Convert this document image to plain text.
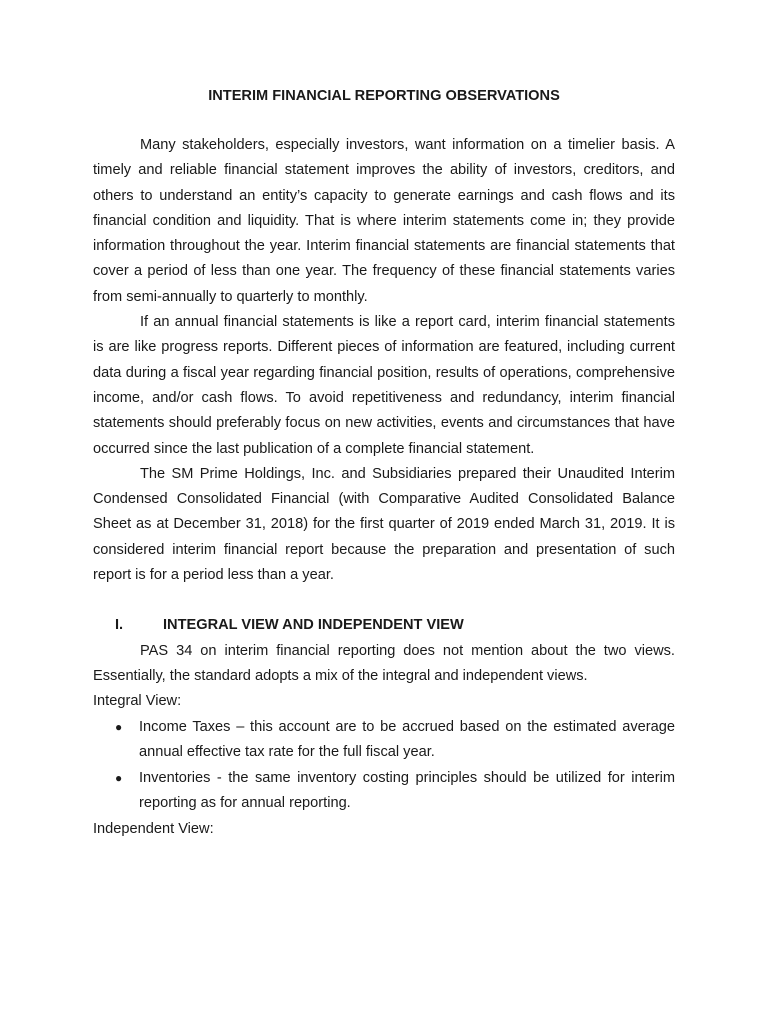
INTERIM FINANCIAL REPORTING OBSERVATIONS

Many stakeholders, especially investors, want information on a timelier basis. A timely and reliable financial statement improves the ability of investors, creditors, and others to understand an entity’s capacity to generate earnings and cash flows and its financial condition and liquidity. That is where interim statements come in; they provide information throughout the year. Interim financial statements are financial statements that cover a period of less than one year. The frequency of these financial statements varies from semi-annually to quarterly to monthly.

If an annual financial statements is like a report card, interim financial statements is are like progress reports. Different pieces of information are featured, including current data during a fiscal year regarding financial position, results of operations, comprehensive income, and/or cash flows. To avoid repetitiveness and redundancy, interim financial statements should preferably focus on new activities, events and circumstances that have occurred since the last publication of a complete financial statement.

The SM Prime Holdings, Inc. and Subsidiaries prepared their Unaudited Interim Condensed Consolidated Financial (with Comparative Audited Consolidated Balance Sheet as at December 31, 2018) for the first quarter of 2019 ended March 31, 2019. It is considered interim financial report because the preparation and presentation of such report is for a period less than a year.

I.	INTEGRAL VIEW AND INDEPENDENT VIEW

PAS 34 on interim financial reporting does not mention about the two views. Essentially, the standard adopts a mix of the integral and independent views.

Integral View:

● Income Taxes – this account are to be accrued based on the estimated average annual effective tax rate for the full fiscal year.
● Inventories - the same inventory costing principles should be utilized for interim reporting as for annual reporting.

Independent View:
